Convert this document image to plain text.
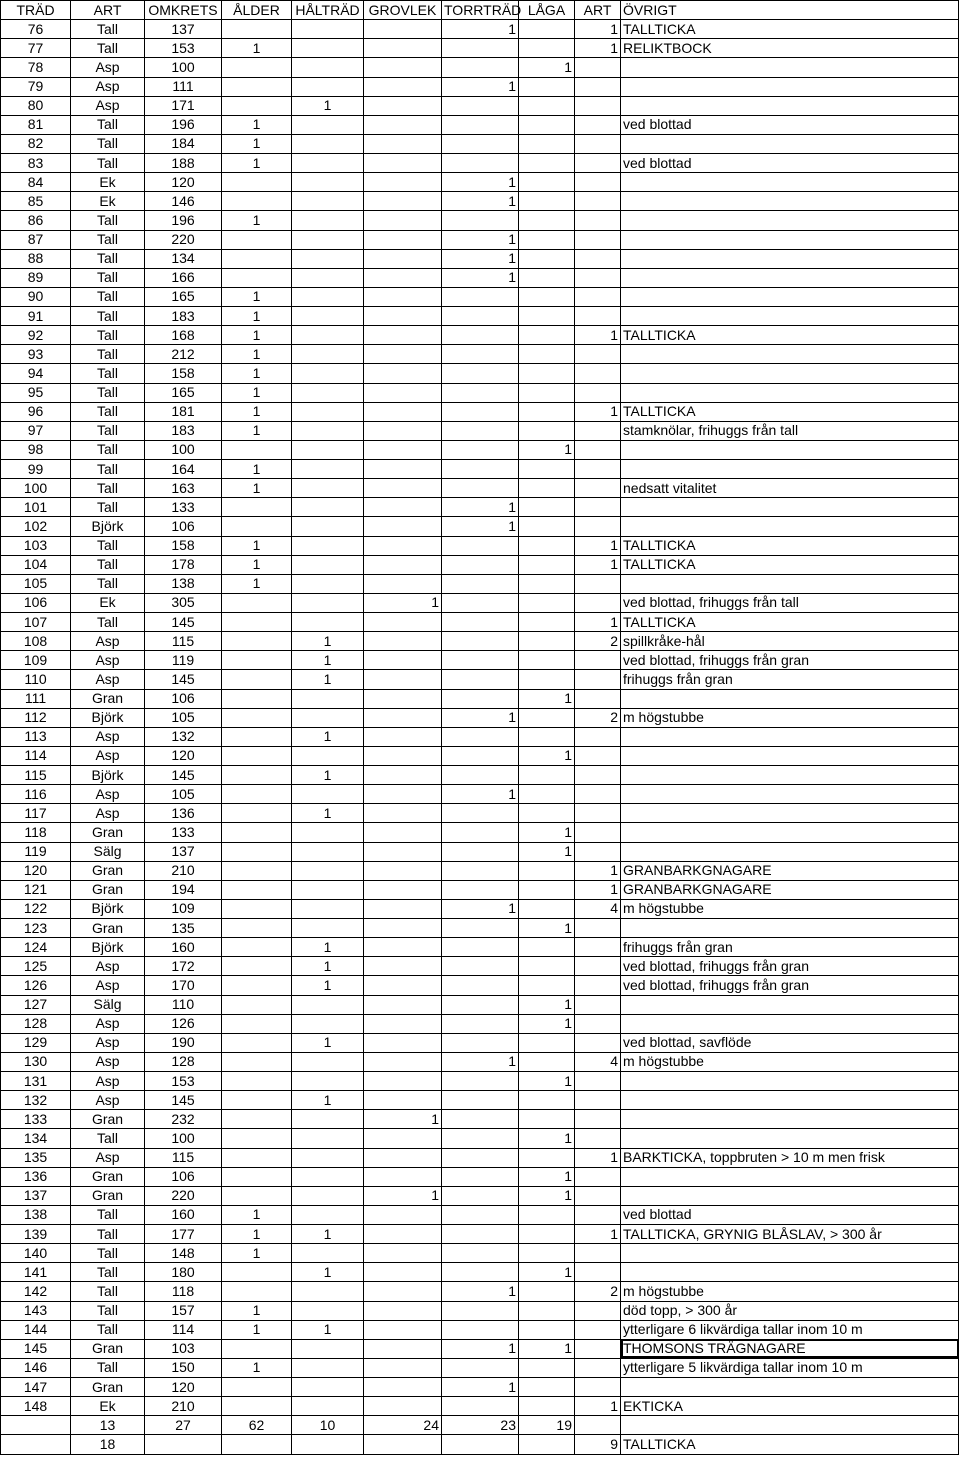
TRÄD	ART	OMKRETS	ÅLDER	HÅLTRÄD	GROVLEK	TORRTRÄD	LÅGA	ART	ÖVRIGT
76	Tall	137				1		1	TALLTICKA
77	Tall	153	1					1	RELIKTBOCK
78	Asp	100					1		
79	Asp	111				1			
80	Asp	171		1					
81	Tall	196	1						ved blottad
82	Tall	184	1						
83	Tall	188	1						ved blottad
84	Ek	120				1			
85	Ek	146				1			
86	Tall	196	1						
87	Tall	220				1			
88	Tall	134				1			
89	Tall	166				1			
90	Tall	165	1						
91	Tall	183	1						
92	Tall	168	1					1	TALLTICKA
93	Tall	212	1						
94	Tall	158	1						
95	Tall	165	1						
96	Tall	181	1					1	TALLTICKA
97	Tall	183	1						stamknölar, frihuggs från tall
98	Tall	100					1		
99	Tall	164	1						
100	Tall	163	1						nedsatt vitalitet
101	Tall	133				1			
102	Björk	106				1			
103	Tall	158	1					1	TALLTICKA
104	Tall	178	1					1	TALLTICKA
105	Tall	138	1						
106	Ek	305			1				ved blottad, frihuggs från tall
107	Tall	145						1	TALLTICKA
108	Asp	115		1				2	spillkråke-hål
109	Asp	119		1					ved blottad, frihuggs från gran
110	Asp	145		1					frihuggs från gran
111	Gran	106					1		
112	Björk	105				1		2	m högstubbe
113	Asp	132		1					
114	Asp	120					1		
115	Björk	145		1					
116	Asp	105				1			
117	Asp	136		1					
118	Gran	133					1		
119	Sälg	137					1		
120	Gran	210						1	GRANBARKGNAGARE
121	Gran	194						1	GRANBARKGNAGARE
122	Björk	109				1		4	m högstubbe
123	Gran	135					1		
124	Björk	160		1					frihuggs från gran
125	Asp	172		1					ved blottad, frihuggs från gran
126	Asp	170		1					ved blottad, frihuggs från gran
127	Sälg	110					1		
128	Asp	126					1		
129	Asp	190		1					ved blottad, savflöde
130	Asp	128				1		4	m högstubbe
131	Asp	153					1		
132	Asp	145		1					
133	Gran	232			1				
134	Tall	100					1		
135	Asp	115						1	BARKTICKA, toppbruten > 10 m men frisk
136	Gran	106					1		
137	Gran	220			1		1		
138	Tall	160	1						ved blottad
139	Tall	177	1	1				1	TALLTICKA, GRYNIG BLÅSLAV, > 300 år
140	Tall	148	1						
141	Tall	180		1			1		
142	Tall	118				1		2	m högstubbe
143	Tall	157	1						död topp, > 300 år
144	Tall	114	1	1					ytterligare 6 likvärdiga tallar inom 10 m
145	Gran	103				1	1		THOMSONS TRÄGNAGARE
146	Tall	150	1						ytterligare 5 likvärdiga tallar inom 10 m
147	Gran	120				1			
148	Ek	210						1	EKTICKA
	13	27	62	10	24	23	19		
	18							9	TALLTICKA
